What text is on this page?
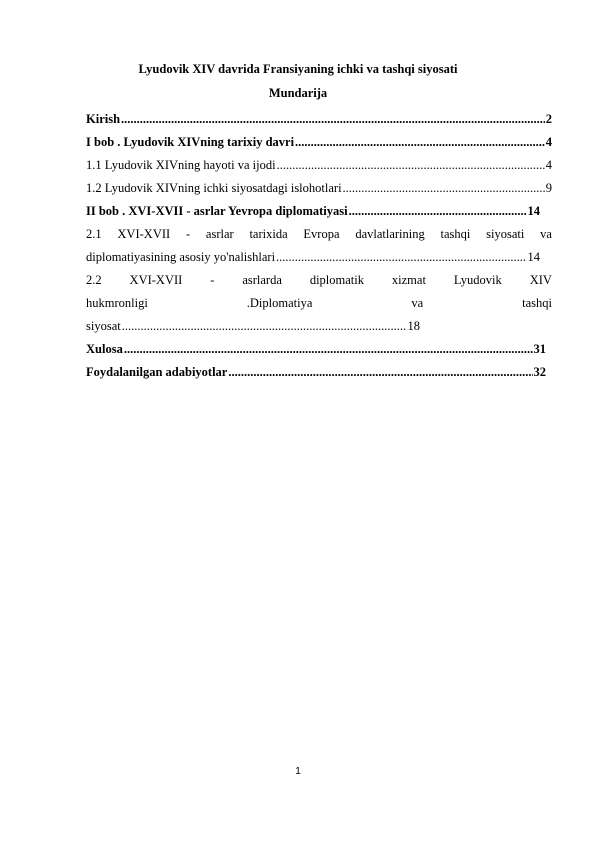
Lyudovik XIV davrida Fransiyaning ichki va tashqi siyosati
Mundarija
Kirish .....	2
I bob . Lyudovik XIVning tarixiy davri .....	4
1.1 Lyudovik XIVning hayoti va ijodi .....	4
1.2 Lyudovik XIVning ichki siyosatdagi islohotlari .....	9
II bob . XVI-XVII - asrlar Yevropa diplomatiyasi .....	14
2.1 XVI-XVII - asrlar tarixida Evropa davlatlarining tashqi siyosati va
diplomatiyasining asosiy yo'nalishlari .....	14
2.2 XVI-XVII - asrlarda diplomatik xizmat Lyudovik XIV
hukmronligi	.Diplomatiya	va	tashqi
siyosat .....	18
Xulosa .....	31
Foydalanilgan adabiyotlar .....	32
1
